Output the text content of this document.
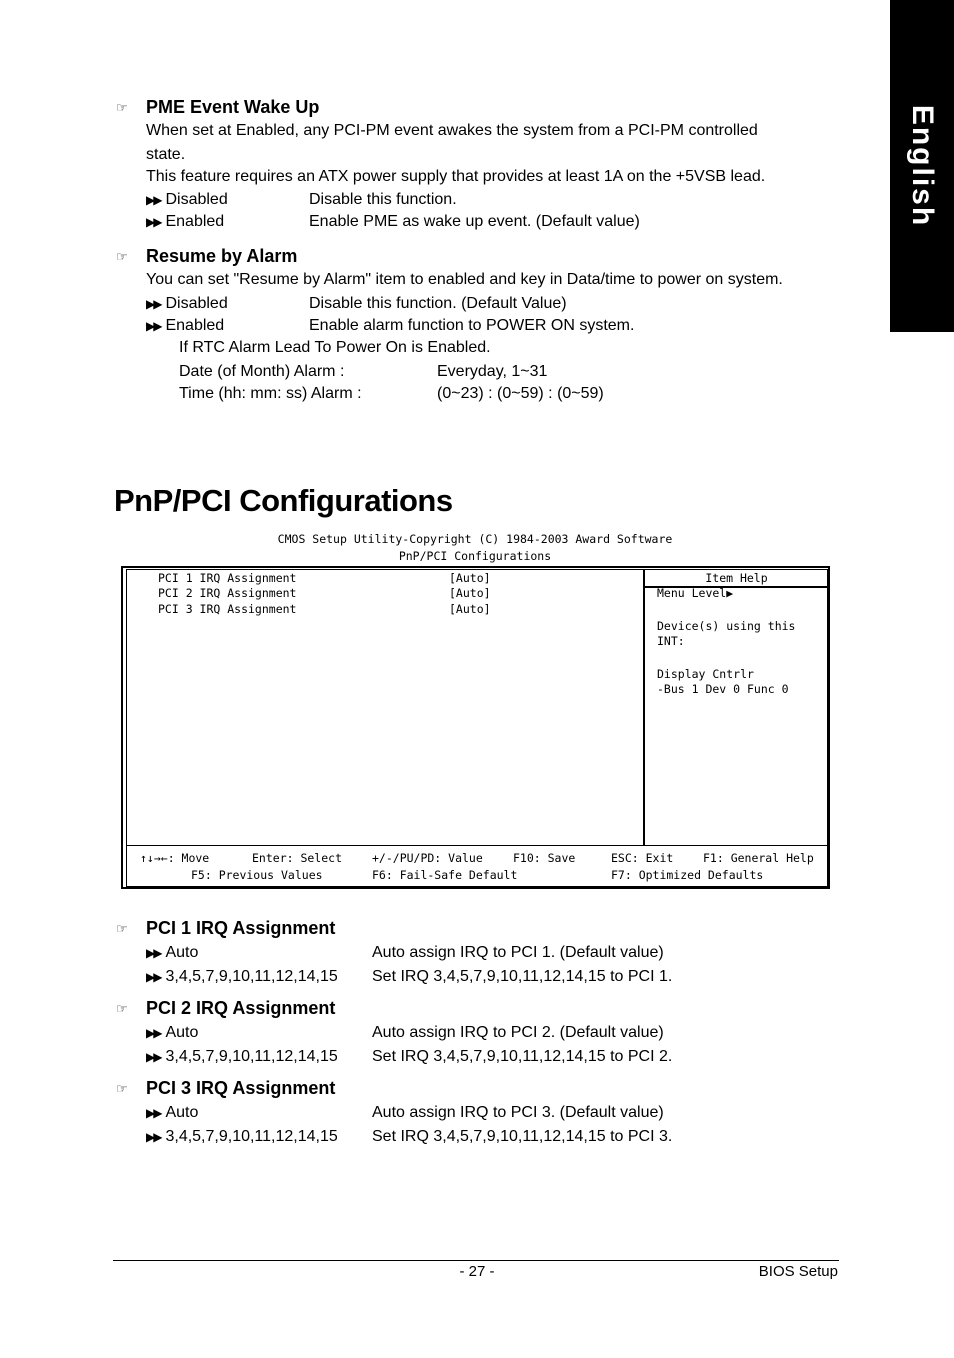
English
☞ PME Event Wake Up
When set at Enabled, any PCI-PM event awakes the system from a PCI-PM controlled
state.
This feature requires an ATX power supply that provides at least 1A on the +5VSB lead.
▶▶ Disabled	Disable this function.
▶▶ Enabled	Enable PME as wake up event. (Default value)
☞ Resume by Alarm
You can set "Resume by Alarm" item to enabled and key in Data/time to power on system.
▶▶ Disabled	Disable this function. (Default Value)
▶▶ Enabled	Enable alarm function to POWER ON system.
If RTC Alarm Lead To Power On is Enabled.
Date (of Month) Alarm :	Everyday, 1~31
Time (hh: mm: ss) Alarm :	(0~23) : (0~59) : (0~59)
PnP/PCI Configurations
CMOS Setup Utility-Copyright (C) 1984-2003 Award Software
PnP/PCI Configurations
PCI 1 IRQ Assignment	[Auto]
PCI 2 IRQ Assignment	[Auto]
PCI 3 IRQ Assignment	[Auto]
Item Help
Menu Level▶
Device(s) using this
INT:
Display Cntrlr
-Bus 1 Dev 0 Func 0
↑↓→←: Move	Enter: Select	+/-/PU/PD: Value	F10: Save	ESC: Exit	F1: General Help
F5: Previous Values	F6: Fail-Safe Default	F7: Optimized Defaults
☞ PCI 1 IRQ Assignment
▶▶ Auto	Auto assign IRQ to PCI 1. (Default value)
▶▶ 3,4,5,7,9,10,11,12,14,15 Set IRQ 3,4,5,7,9,10,11,12,14,15 to PCI 1.
☞ PCI 2 IRQ Assignment
▶▶ Auto	Auto assign IRQ to PCI 2. (Default value)
▶▶ 3,4,5,7,9,10,11,12,14,15 Set IRQ 3,4,5,7,9,10,11,12,14,15 to PCI 2.
☞ PCI 3 IRQ Assignment
▶▶ Auto	Auto assign IRQ to PCI 3. (Default value)
▶▶ 3,4,5,7,9,10,11,12,14,15 Set IRQ 3,4,5,7,9,10,11,12,14,15 to PCI 3.
- 27 -	BIOS Setup
